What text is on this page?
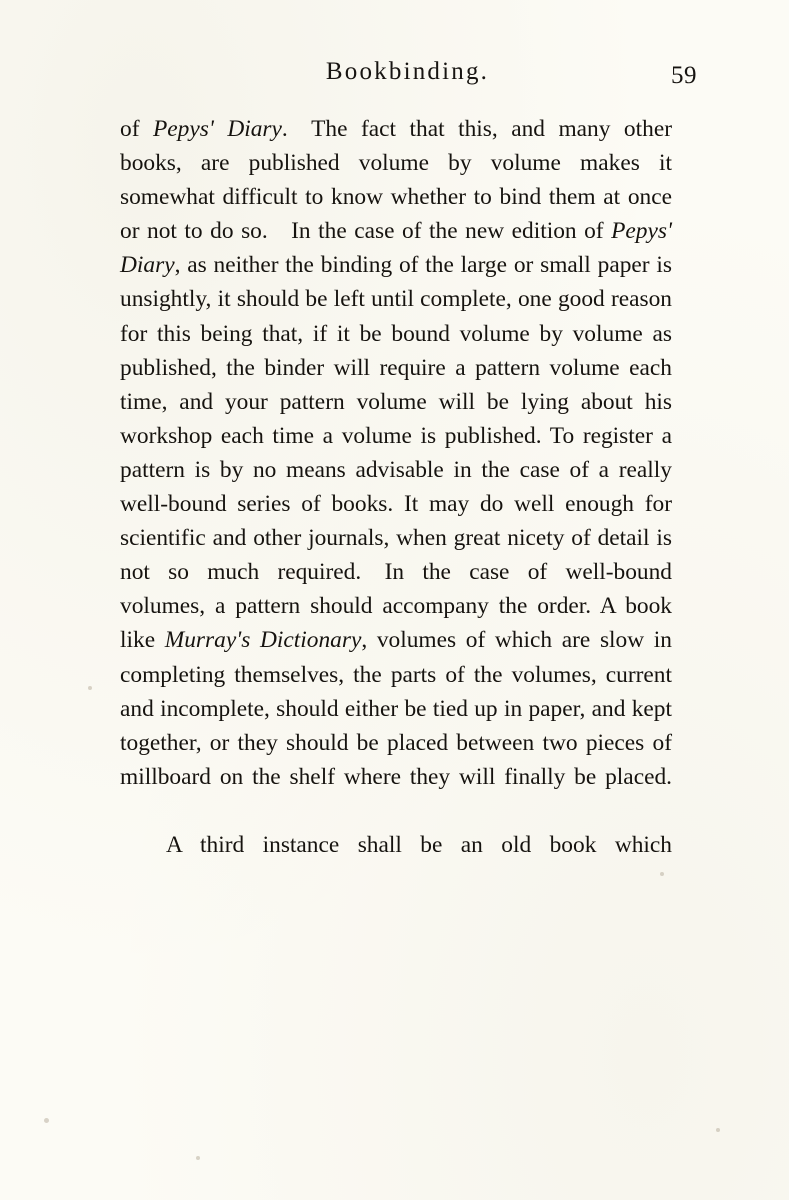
Bookbinding.	59

of Pepys' Diary. The fact that this, and many other books, are published volume by volume makes it somewhat difficult to know whether to bind them at once or not to do so. In the case of the new edition of Pepys' Diary, as neither the binding of the large or small paper is unsightly, it should be left until complete, one good reason for this being that, if it be bound volume by volume as published, the binder will require a pattern volume each time, and your pattern volume will be lying about his workshop each time a volume is published. To register a pattern is by no means advisable in the case of a really well-bound series of books. It may do well enough for scientific and other journals, when great nicety of detail is not so much required. In the case of well-bound volumes, a pattern should accompany the order. A book like Murray's Dictionary, volumes of which are slow in completing themselves, the parts of the volumes, current and incomplete, should either be tied up in paper, and kept together, or they should be placed between two pieces of millboard on the shelf where they will finally be placed.

A third instance shall be an old book which
